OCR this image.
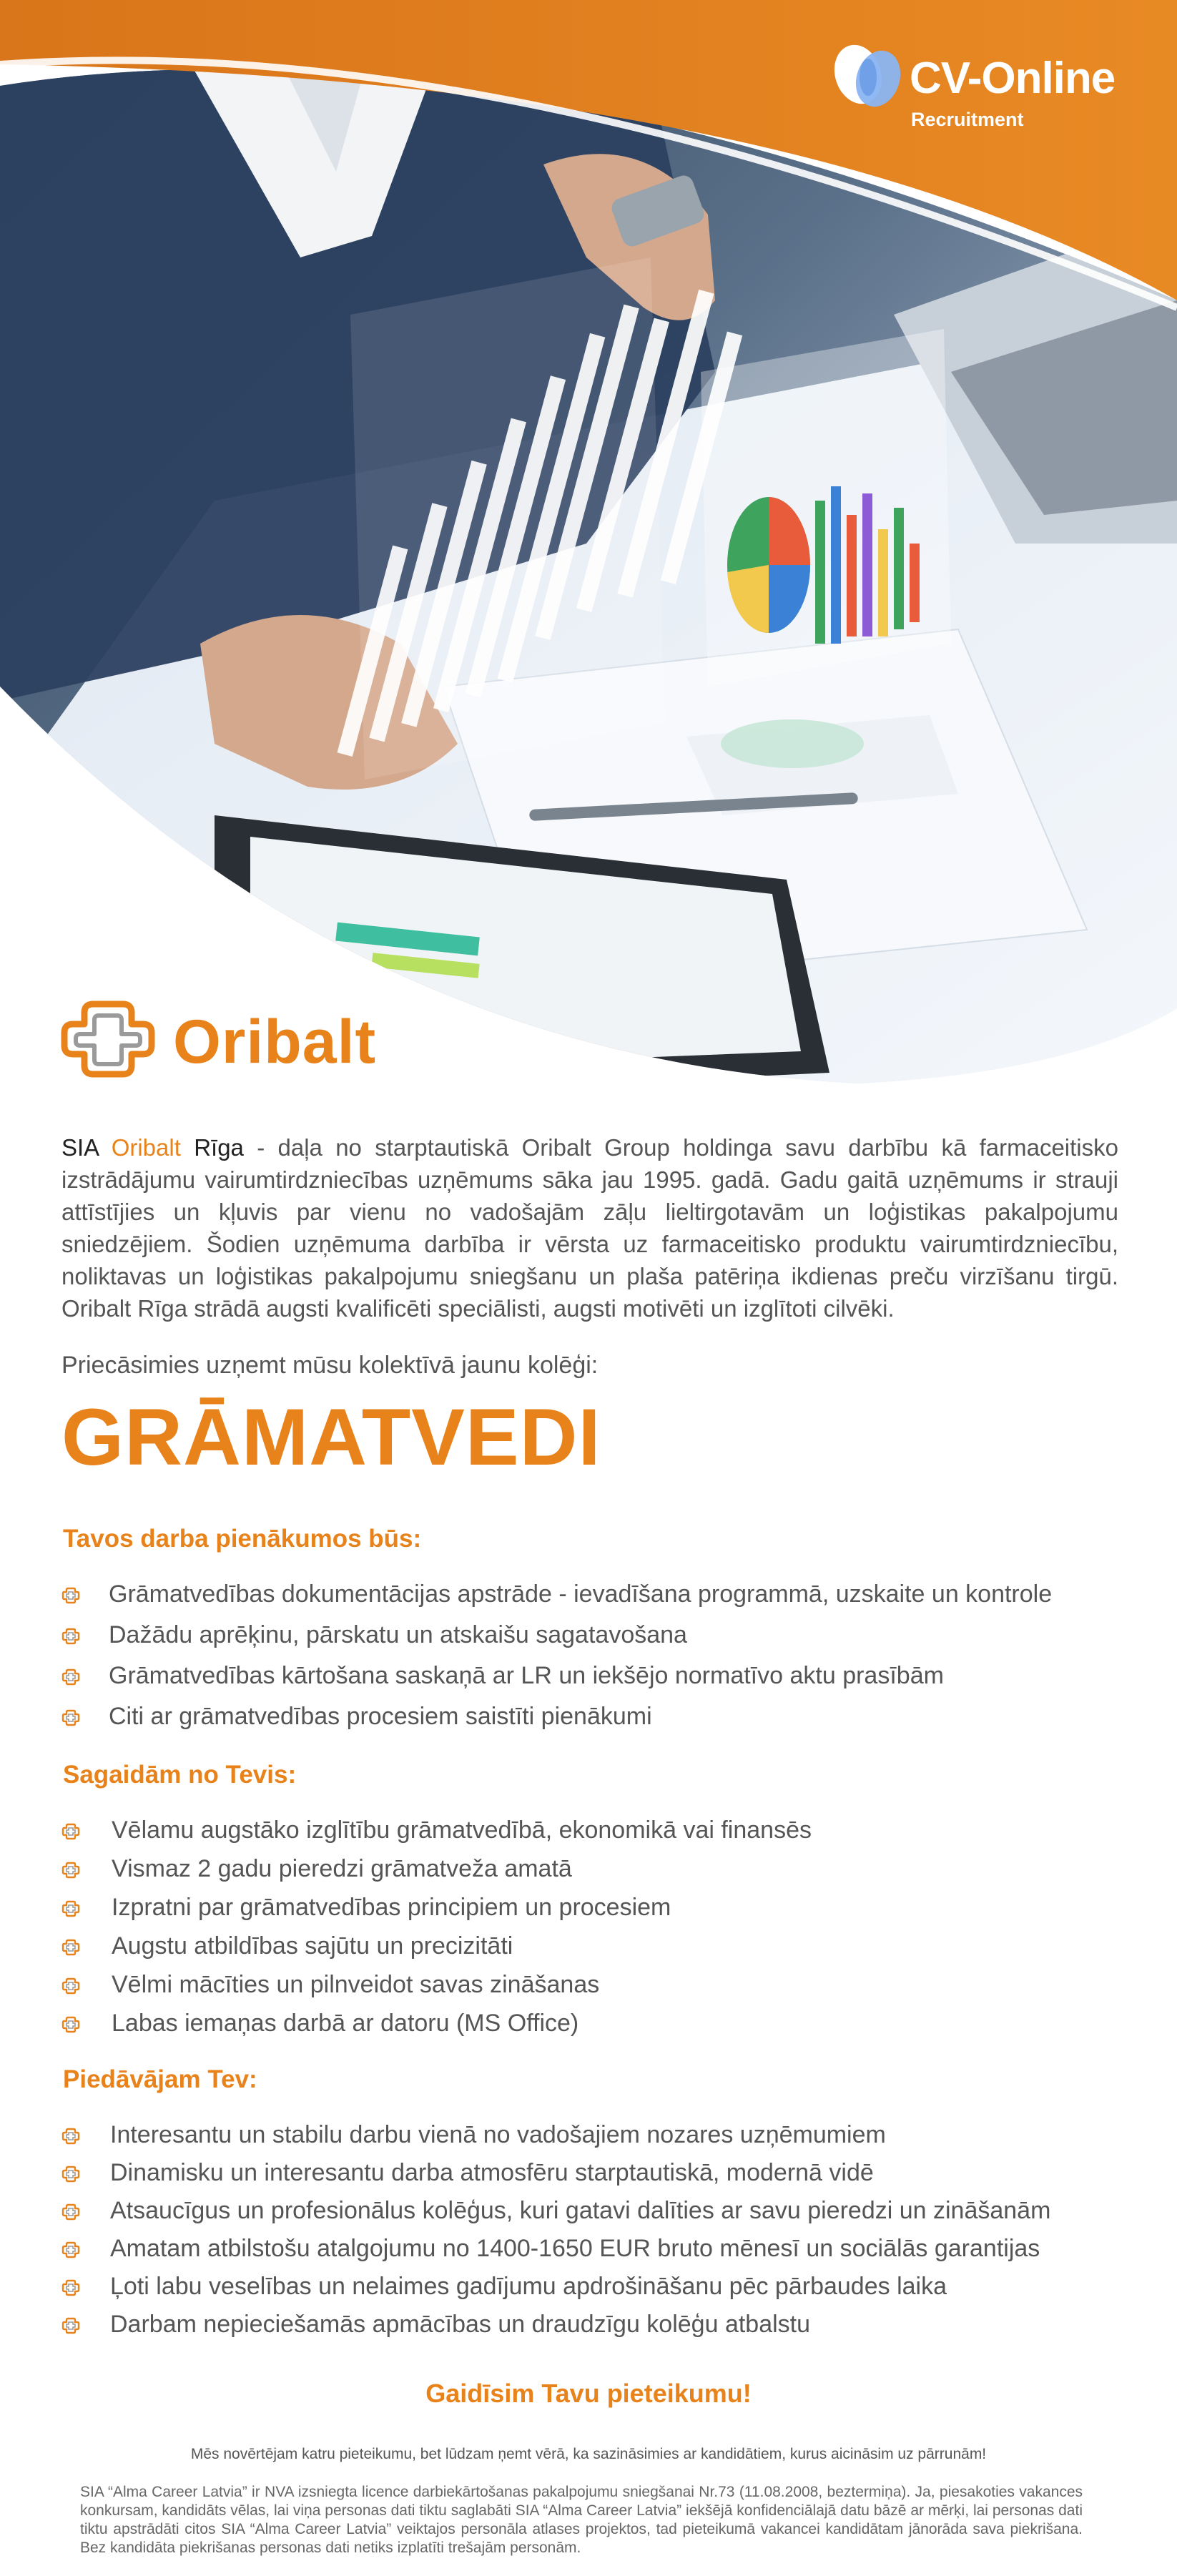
CV-Online
Recruitment
Oribalt

SIA Oribalt Rīga - daļa no starptautiskā Oribalt Group holdinga savu darbību kā farmaceitisko izstrādājumu vairumtirdzniecības uzņēmums sāka jau 1995. gadā. Gadu gaitā uzņēmums ir strauji attīstījies un kļuvis par vienu no vadošajām zāļu lieltirgotavām un loģistikas pakalpojumu sniedzējiem. Šodien uzņēmuma darbība ir vērsta uz farmaceitisko produktu vairumtirdzniecību, noliktavas un loģistikas pakalpojumu sniegšanu un plaša patēriņa ikdienas preču virzīšanu tirgū. Oribalt Rīga strādā augsti kvalificēti speciālisti, augsti motivēti un izglītoti cilvēki.

Priecāsimies uzņemt mūsu kolektīvā jaunu kolēģi:
GRĀMATVEDI
Tavos darba pienākumos būs:
Grāmatvedības dokumentācijas apstrāde - ievadīšana programmā, uzskaite un kontrole
Dažādu aprēķinu, pārskatu un atskaišu sagatavošana
Grāmatvedības kārtošana saskaņā ar LR un iekšējo normatīvo aktu prasībām
Citi ar grāmatvedības procesiem saistīti pienākumi
Sagaidām no Tevis:
Vēlamu augstāko izglītību grāmatvedībā, ekonomikā vai finansēs
Vismaz 2 gadu pieredzi grāmatveža amatā
Izpratni par grāmatvedības principiem un procesiem
Augstu atbildības sajūtu un precizitāti
Vēlmi mācīties un pilnveidot savas zināšanas
Labas iemaņas darbā ar datoru (MS Office)
Piedāvājam Tev:
Interesantu un stabilu darbu vienā no vadošajiem nozares uzņēmumiem
Dinamisku un interesantu darba atmosfēru starptautiskā, modernā vidē
Atsaucīgus un profesionālus kolēģus, kuri gatavi dalīties ar savu pieredzi un zināšanām
Amatam atbilstošu atalgojumu no 1400-1650 EUR bruto mēnesī un sociālās garantijas
Ļoti labu veselības un nelaimes gadījumu apdrošināšanu pēc pārbaudes laika
Darbam nepieciešamās apmācības un draudzīgu kolēģu atbalstu
Gaidīsim Tavu pieteikumu!
Mēs novērtējam katru pieteikumu, bet lūdzam ņemt vērā, ka sazināsimies ar kandidātiem, kurus aicināsim uz pārrunām!
SIA “Alma Career Latvia” ir NVA izsniegta licence darbiekārtošanas pakalpojumu sniegšanai Nr.73 (11.08.2008, beztermiņa). Ja, piesakoties vakances konkursam, kandidāts vēlas, lai viņa personas dati tiktu saglabāti SIA “Alma Career Latvia” iekšējā konfidenciālajā datu bāzē ar mērķi, lai personas dati tiktu apstrādāti citos SIA “Alma Career Latvia” veiktajos personāla atlases projektos, tad pieteikumā vakancei kandidātam jānorāda sava piekrišana. Bez kandidāta piekrišanas personas dati netiks izplatīti trešajām personām.
